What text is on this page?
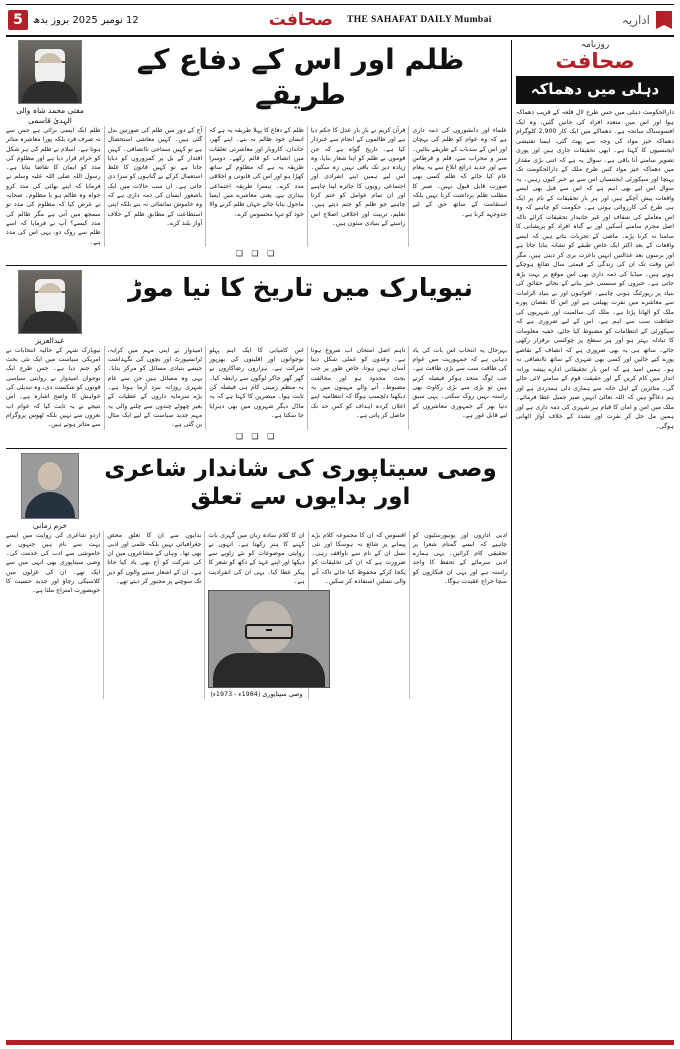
5	12 نومبر 2025 بروز بدھ	صحافت THE SAHAFAT DAILY Mumbai	اداریہ
مفتی محمد شاہ والی الہدیٰ قاسمی
ظلم اور اس کے دفاع کے طریقے
ظلم ایک ایسی برائی ہے جس سے نہ صرف فرد بلکہ پورا معاشرہ متاثر ہوتا ہے۔ اسلام نے ظلم کی ہر شکل کو حرام قرار دیا ہے اور مظلوم کی مدد کو ایمان کا تقاضا بتایا ہے۔ رسول اللہ صلی اللہ علیہ وسلم نے فرمایا کہ اپنے بھائی کی مدد کرو خواہ وہ ظالم ہو یا مظلوم۔ صحابہ نے عرض کیا کہ مظلوم کی مدد تو سمجھ میں آتی ہے مگر ظالم کی مدد کیسے؟ آپ نے فرمایا کہ اسے ظلم سے روک دو، یہی اس کی مدد ہے۔
آج کے دور میں ظلم کی صورتیں بدل گئی ہیں۔ کہیں معاشی استحصال ہے تو کہیں سماجی ناانصافی۔ کہیں اقتدار کے بل پر کمزوروں کو دبایا جاتا ہے تو کہیں قانون کا غلط استعمال کرکے بے گناہوں کو سزا دی جاتی ہے۔ ان سب حالات میں ایک باشعور انسان کی ذمہ داری ہے کہ وہ خاموش تماشائی نہ بنے بلکہ اپنی استطاعت کے مطابق ظلم کے خلاف آواز بلند کرے۔
ظلم کے دفاع کا پہلا طریقہ یہ ہے کہ انسان خود ظالم نہ بنے۔ اپنے گھر، خاندان، کاروبار اور معاشرتی تعلقات میں انصاف کو قائم رکھے۔ دوسرا طریقہ یہ ہے کہ مظلوم کے ساتھ کھڑا ہو اور اس کی قانونی و اخلاقی مدد کرے۔ تیسرا طریقہ اجتماعی بیداری ہے، یعنی معاشرے میں ایسا ماحول بنایا جائے جہاں ظلم کرنے والا خود کو تنہا محسوس کرے۔
قرآن کریم نے بار بار عدل کا حکم دیا ہے اور ظالموں کے انجام سے خبردار کیا ہے۔ تاریخ گواہ ہے کہ جن قوموں نے ظلم کو اپنا شعار بنایا، وہ زیادہ دیر تک باقی نہیں رہ سکیں۔ اس لیے ہمیں اپنے انفرادی اور اجتماعی رویوں کا جائزہ لینا چاہیے اور ان تمام عوامل کو ختم کرنا چاہیے جو ظلم کو جنم دیتے ہیں۔ تعلیم، تربیت اور اخلاقی اصلاح اس راستے کے بنیادی ستون ہیں۔
علماء اور دانشوروں کی ذمہ داری ہے کہ وہ عوام کو ظلم کی پہچان اور اس کے سدباب کے طریقے بتائیں۔ منبر و محراب سے، قلم و قرطاس سے اور جدید ذرائع ابلاغ سے یہ پیغام عام کیا جائے کہ ظلم کسی بھی صورت قابل قبول نہیں۔ صبر کا مطلب ظلم برداشت کرنا نہیں بلکہ استقامت کے ساتھ حق کے لیے جدوجہد کرنا ہے۔
❏ ❏ ❏
عبدالعزیز
نیویارک میں تاریخ کا نیا موڑ
نیویارک شہر کے حالیہ انتخابات نے امریکی سیاست میں ایک نئی بحث کو جنم دیا ہے۔ جس طرح ایک نوجوان امیدوار نے روایتی سیاسی قوتوں کو شکست دی، وہ تبدیلی کی خواہش کا واضح اشارہ ہے۔ اس نتیجے نے یہ ثابت کیا کہ عوام اب نعروں سے نہیں بلکہ ٹھوس پروگرام سے متاثر ہوتے ہیں۔
امیدوار نے اپنی مہم میں کرایہ، ٹرانسپورٹ اور بچوں کی نگہداشت جیسے بنیادی مسائل کو مرکز بنایا۔ یہی وہ مسائل ہیں جن سے عام شہری روزانہ نبرد آزما ہوتا ہے۔ بڑے سرمایہ داروں کے عطیات کے بغیر چھوٹے چندوں سے چلنے والی یہ مہم جدید سیاست کے لیے ایک مثال بن گئی ہے۔
اس کامیابی کا ایک اہم پہلو نوجوانوں اور اقلیتوں کی بھرپور شرکت ہے۔ ہزاروں رضاکاروں نے گھر گھر جاکر لوگوں سے رابطہ کیا۔ یہ منظم زمینی کام ہی فیصلہ کن ثابت ہوا۔ مبصرین کا کہنا ہے کہ یہ ماڈل دیگر شہروں میں بھی دہرایا جا سکتا ہے۔
تاہم اصل امتحان اب شروع ہوتا ہے۔ وعدوں کو عملی شکل دینا آسان نہیں ہوتا، خاص طور پر جب بجٹ محدود ہو اور مخالفت مضبوط۔ آنے والے مہینوں میں یہ دیکھنا دلچسپ ہوگا کہ انتظامیہ اپنے اعلان کردہ اہداف کو کس حد تک حاصل کر پاتی ہے۔
بہرحال یہ انتخاب اس بات کی یاد دہانی ہے کہ جمہوریت میں عوام کی طاقت سب سے بڑی طاقت ہے۔ جب لوگ متحد ہوکر فیصلہ کرتے ہیں تو بڑی سے بڑی رکاوٹ بھی راستہ نہیں روک سکتی۔ یہی سبق دنیا بھر کے جمہوری معاشروں کے لیے قابل غور ہے۔
❏ ❏ ❏
خرم زمانی
وصی سیتاپوری کی شاندار شاعری اور بدایوں سے تعلق
اردو شاعری کی روایت میں ایسے بہت سے نام ہیں جنہوں نے خاموشی سے ادب کی خدمت کی۔ وصی سیتاپوری بھی انہی میں سے ایک تھے۔ ان کی غزلوں میں کلاسیکی رچاؤ اور جدید حسیت کا خوبصورت امتزاج ملتا ہے۔
بدایوں سے ان کا تعلق محض جغرافیائی نہیں بلکہ علمی اور ادبی بھی تھا۔ وہاں کے مشاعروں میں ان کی شرکت کو آج بھی یاد کیا جاتا ہے۔ ان کے اشعار سننے والوں کو دیر تک سوچنے پر مجبور کر دیتے تھے۔
ان کا کلام سادہ زبان میں گہری بات کہنے کا ہنر رکھتا ہے۔ انہوں نے روایتی موضوعات کو نئے زاویے سے دیکھا اور اپنے عہد کے دکھ کو شعر کا پیکر عطا کیا۔ یہی ان کی انفرادیت ہے۔
وصی سیتاپوری (1984ء - 1973ء)
افسوس کہ ان کا مجموعہ کلام بڑے پیمانے پر شائع نہ ہوسکا اور نئی نسل ان کے نام سے ناواقف رہی۔ ضرورت ہے کہ ان کی تخلیقات کو یکجا کرکے محفوظ کیا جائے تاکہ آنے والی نسلیں استفادہ کر سکیں۔
ادبی اداروں اور یونیورسٹیوں کو چاہیے کہ ایسے گمنام شعرا پر تحقیقی کام کرائیں۔ یہی ہمارے ادبی سرمائے کے تحفظ کا واحد راستہ ہے اور یہی ان فنکاروں کو سچا خراج عقیدت ہوگا۔
روزنامہ
صحافت
دہلی میں دھماکہ
دارالحکومت دہلی میں جس طرح لال قلعہ کے قریب دھماکہ ہوا اور اس میں متعدد افراد کی جانیں گئیں، وہ ایک افسوسناک سانحہ ہے۔ دھماکے میں ایک کار 2,900 کلوگرام دھماکہ خیز مواد کی وجہ سے پھٹ گئی، ایسا تفتیشی ایجنسیوں کا کہنا ہے۔ ابھی تحقیقات جاری ہیں اور پوری تصویر سامنے آنا باقی ہے۔ سوال یہ ہے کہ اتنی بڑی مقدار میں دھماکہ خیز مواد کس طرح ملک کے دارالحکومت تک پہنچا اور سیکورٹی ایجنسیاں اس سے بے خبر کیوں رہیں۔ یہ سوال اس لیے بھی اہم ہے کہ اس سے قبل بھی ایسے واقعات پیش آچکے ہیں اور ہر بار تحقیقات کے نام پر ایک ہی طرح کی کارروائی ہوتی ہے۔ حکومت کو چاہیے کہ وہ اس معاملے کی شفاف اور غیر جانبدار تحقیقات کرائے تاکہ اصل مجرم سامنے آسکیں اور بے گناہ افراد کو پریشانی کا سامنا نہ کرنا پڑے۔ ماضی کے تجربات بتاتے ہیں کہ ایسے واقعات کے بعد اکثر ایک خاص طبقے کو نشانہ بنایا جاتا ہے اور برسوں بعد عدالتیں انہیں باعزت بری کر دیتی ہیں، مگر اس وقت تک ان کی زندگی کے قیمتی سال ضائع ہوچکے ہوتے ہیں۔ میڈیا کی ذمہ داری بھی اس موقع پر بہت بڑھ جاتی ہے۔ خبروں کو سنسنی خیز بنانے کے بجائے حقائق کی بنیاد پر رپورٹنگ ہونی چاہیے۔ افواہوں اور بے بنیاد الزامات سے معاشرے میں نفرت پھیلتی ہے اور اس کا نقصان پورے ملک کو اٹھانا پڑتا ہے۔ ملک کی سالمیت اور شہریوں کی حفاظت سب سے اہم ہے۔ اس کے لیے ضروری ہے کہ سیکورٹی کے انتظامات کو مضبوط کیا جائے، خفیہ معلومات کا تبادلہ بہتر ہو اور ہر سطح پر چوکسی برقرار رکھی جائے۔ ساتھ ہی یہ بھی ضروری ہے کہ انصاف کے تقاضے پورے کیے جائیں اور کسی بھی شہری کے ساتھ ناانصافی نہ ہو۔ ہمیں امید ہے کہ اس بار تحقیقاتی ادارے پیشہ ورانہ انداز میں کام کریں گے اور حقیقت قوم کے سامنے لائی جائے گی۔ متاثرین کے اہل خانہ سے ہماری دلی ہمدردی ہے اور ہم دعاگو ہیں کہ اللہ تعالیٰ انہیں صبر جمیل عطا فرمائے۔ ملک میں امن و امان کا قیام ہر شہری کی ذمہ داری ہے اور ہمیں مل جل کر نفرت اور تشدد کے خلاف آواز اٹھانی ہوگی۔
